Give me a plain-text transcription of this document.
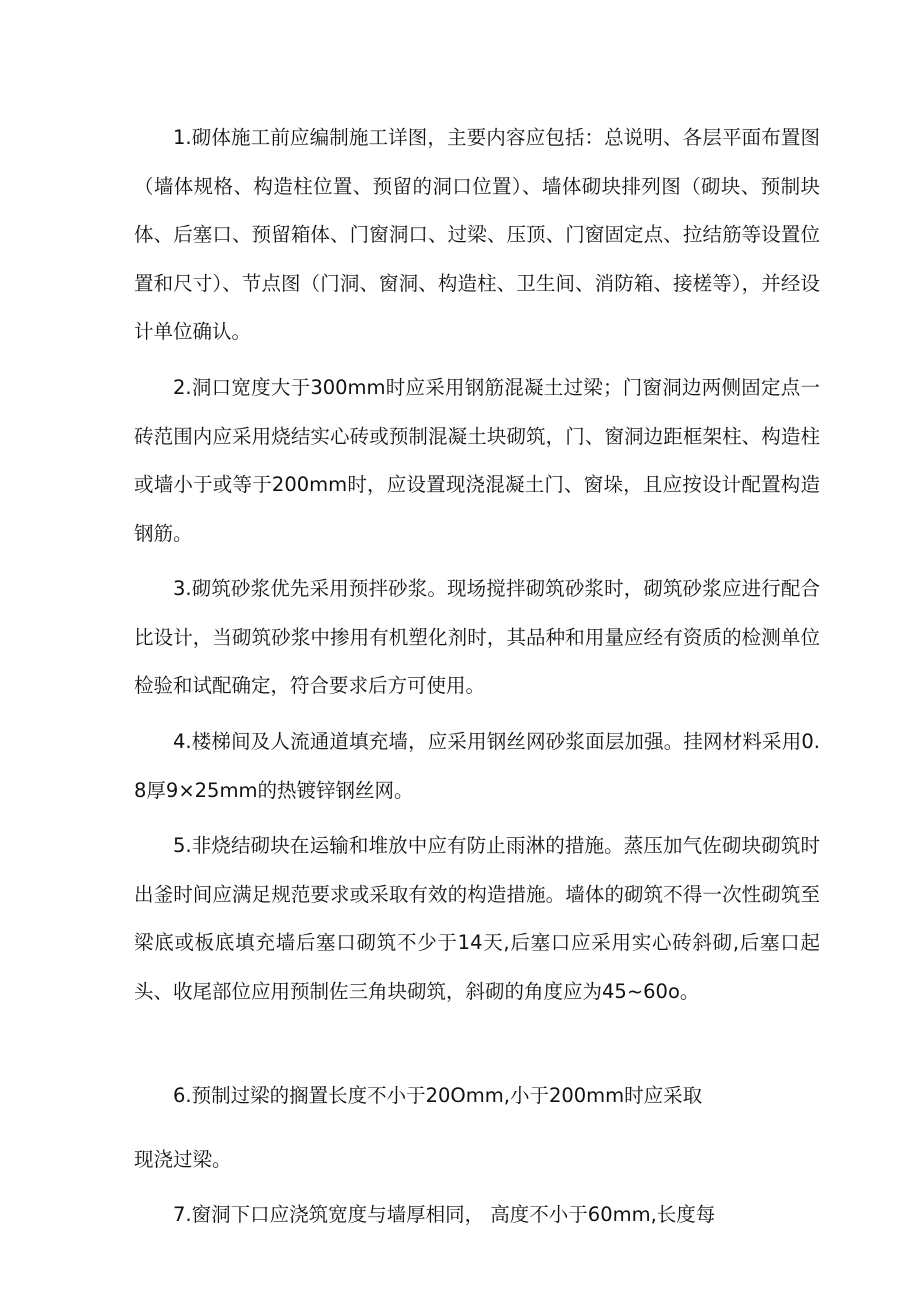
1.砌体施工前应编制施工详图，主要内容应包括：总说明、各层平面布置图（墙体规格、构造柱位置、预留的洞口位置）、墙体砌块排列图（砌块、预制块体、后塞口、预留箱体、门窗洞口、过梁、压顶、门窗固定点、拉结筋等设置位置和尺寸）、节点图（门洞、窗洞、构造柱、卫生间、消防箱、接槎等），并经设计单位确认。

2.洞口宽度大于300mm时应采用钢筋混凝土过梁；门窗洞边两侧固定点一砖范围内应采用烧结实心砖或预制混凝土块砌筑，门、窗洞边距框架柱、构造柱或墙小于或等于200mm时，应设置现浇混凝土门、窗垛，且应按设计配置构造钢筋。

3.砌筑砂浆优先采用预拌砂浆。现场搅拌砌筑砂浆时，砌筑砂浆应进行配合比设计，当砌筑砂浆中掺用有机塑化剂时，其品种和用量应经有资质的检测单位检验和试配确定，符合要求后方可使用。

4.楼梯间及人流通道填充墙，应采用钢丝网砂浆面层加强。挂网材料采用0.8厚9×25mm的热镀锌钢丝网。

5.非烧结砌块在运输和堆放中应有防止雨淋的措施。蒸压加气佐砌块砌筑时出釜时间应满足规范要求或采取有效的构造措施。墙体的砌筑不得一次性砌筑至梁底或板底填充墙后塞口砌筑不少于14天,后塞口应采用实心砖斜砌,后塞口起头、收尾部位应用预制佐三角块砌筑，斜砌的角度应为45~60o。

6.预制过梁的搁置长度不小于20Omm,小于200mm时应采取
现浇过梁。

7.窗洞下口应浇筑宽度与墙厚相同， 高度不小于60mm,长度每
